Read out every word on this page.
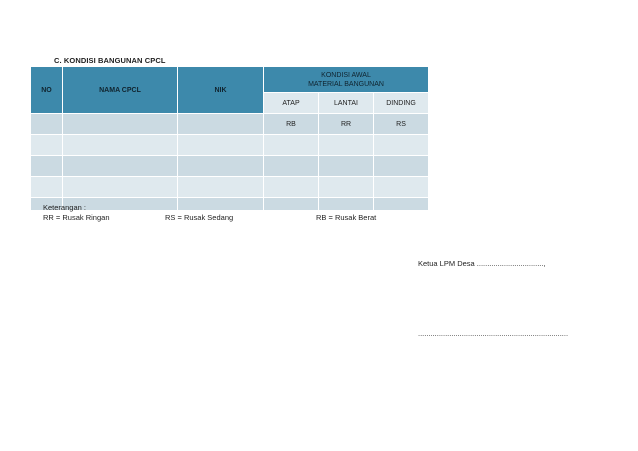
C. KONDISI BANGUNAN CPCL
NO	NAMA CPCL	NIK	KONDISI AWAL
MATERIAL BANGUNAN		

			ATAP	LANTAI	DINDING
			RB	RR	RS

Keterangan :
RR = Rusak Ringan	RS = Rusak Sedang	RB = Rusak Berat
Ketua LPM Desa ................................,
........................................................................
